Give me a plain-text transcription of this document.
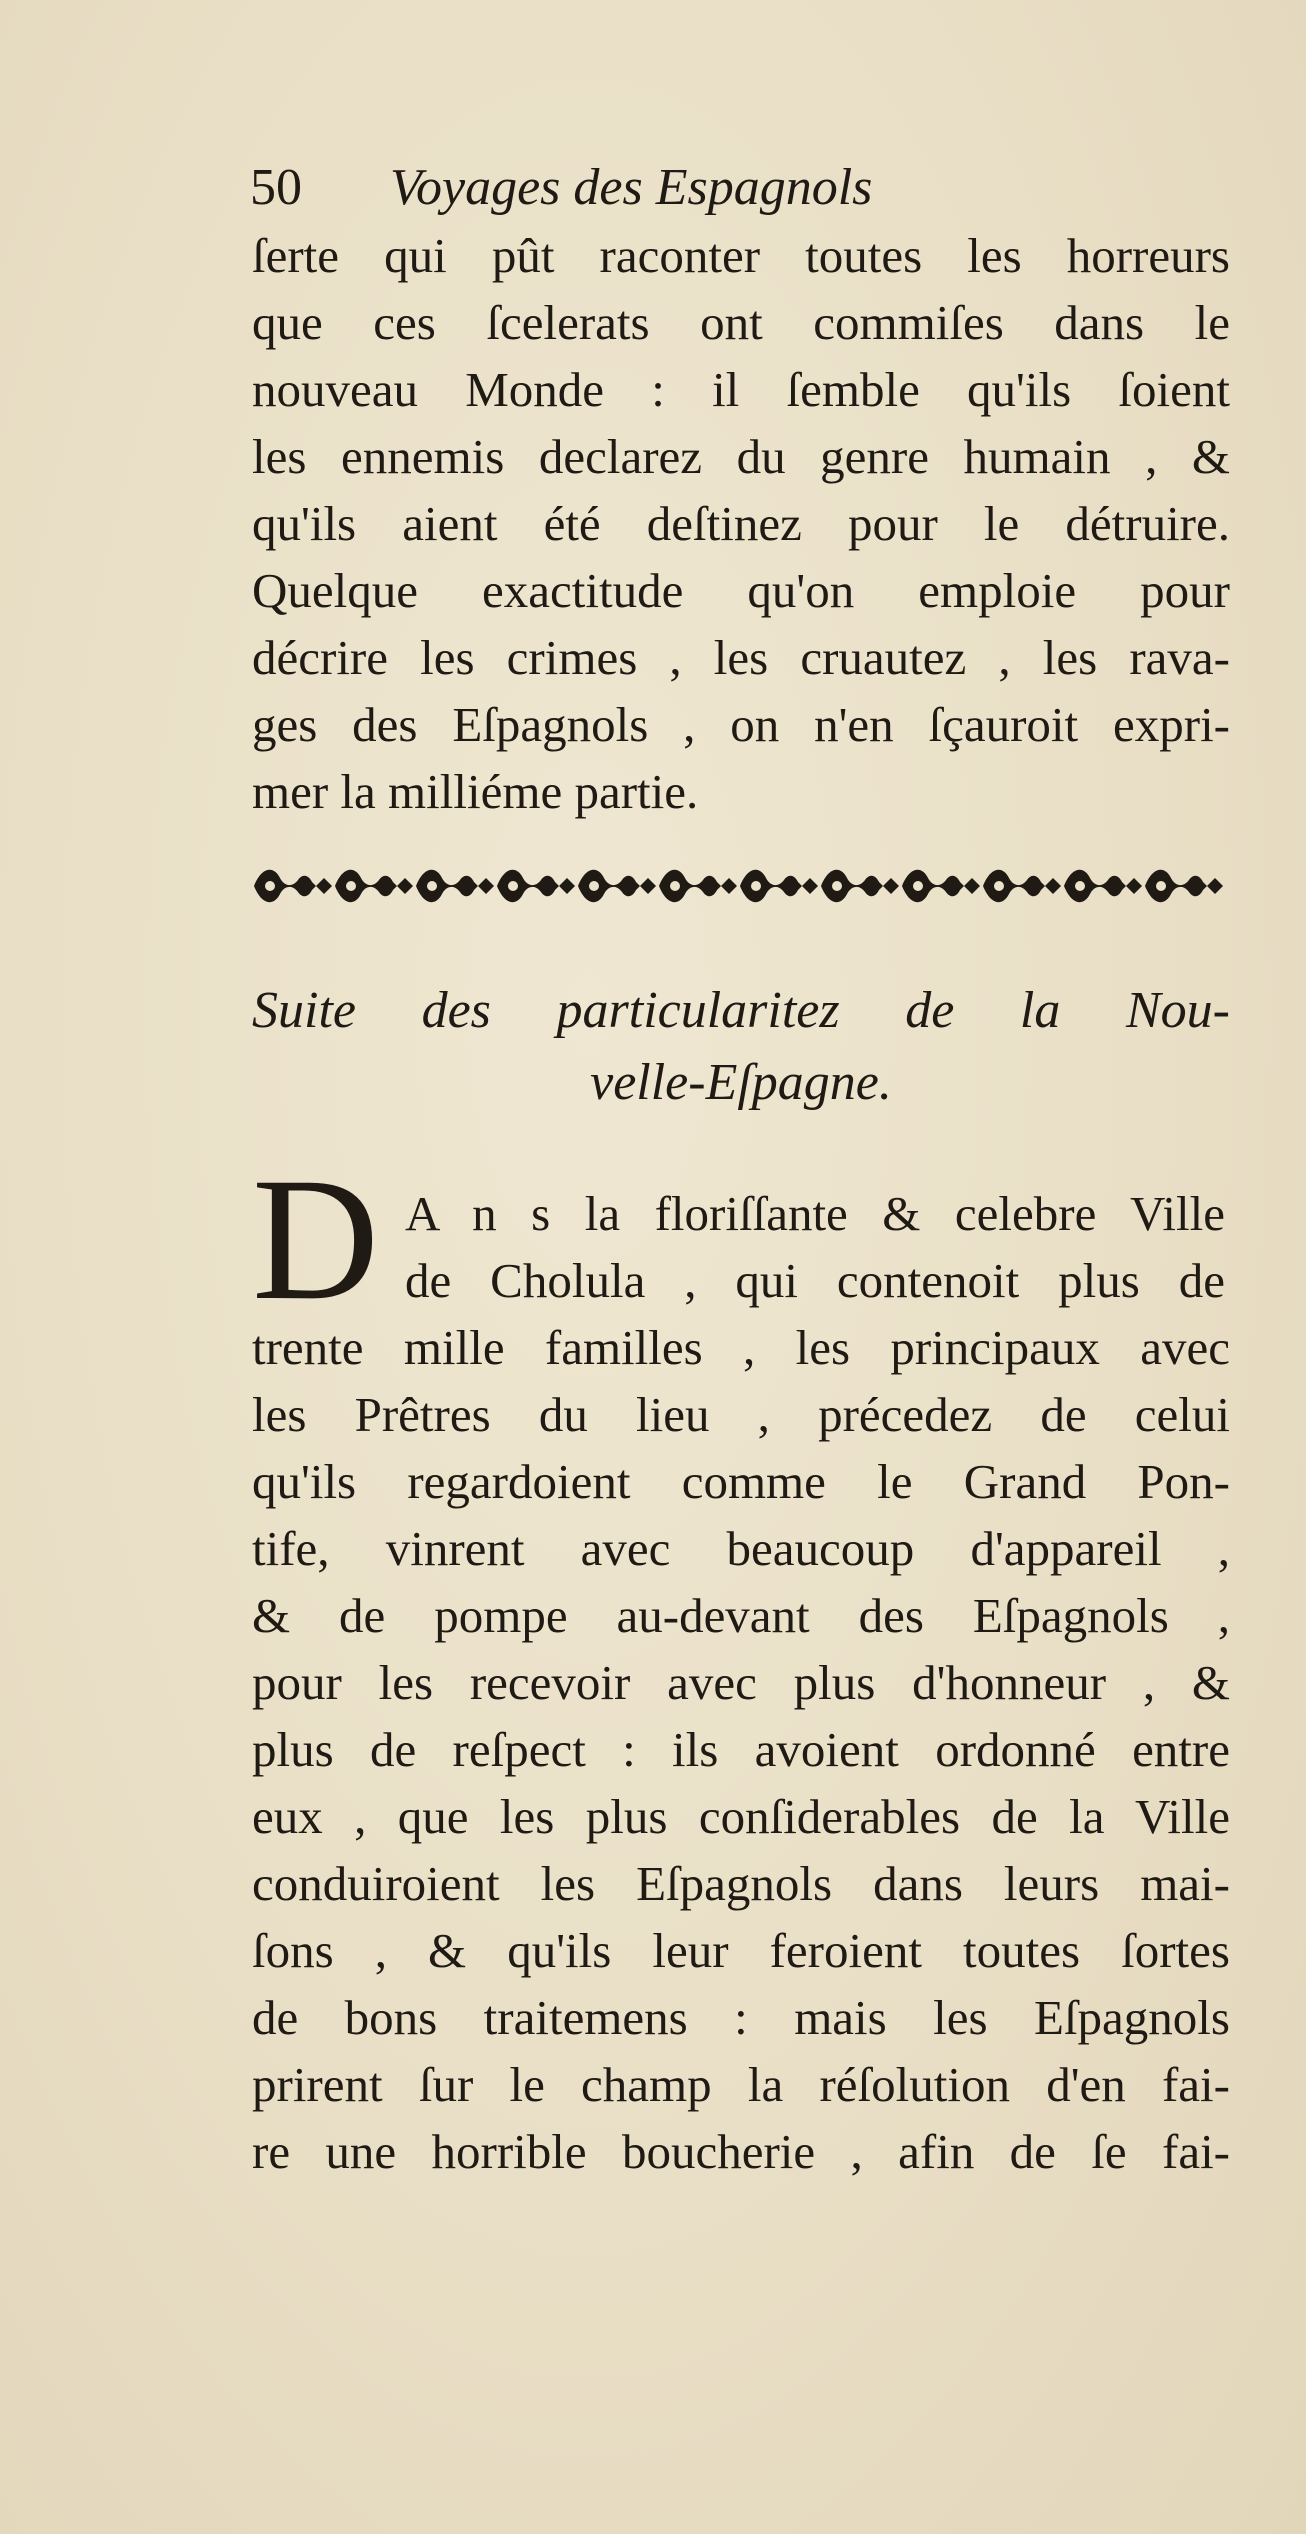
50 Voyages des Espagnols
ſerte qui pût raconter toutes les horreurs
que ces ſcelerats ont commiſes dans le
nouveau Monde : il ſemble qu'ils ſoient
les ennemis declarez du genre humain , &
qu'ils aient été deſtinez pour le détruire.
Quelque exactitude qu'on emploie pour
décrire les crimes , les cruautez , les rava-
ges des Eſpagnols , on n'en ſçauroit expri-
mer la milliéme partie.
Suite des particularitez de la Nou-
velle-Eſpagne.
D A n s la floriſſante & celebre Ville
de Cholula , qui contenoit plus de
trente mille familles , les principaux avec
les Prêtres du lieu , précedez de celui
qu'ils regardoient comme le Grand Pon-
tife, vinrent avec beaucoup d'appareil ,
& de pompe au-devant des Eſpagnols ,
pour les recevoir avec plus d'honneur , &
plus de reſpect : ils avoient ordonné entre
eux , que les plus conſiderables de la Ville
conduiroient les Eſpagnols dans leurs mai-
ſons , & qu'ils leur feroient toutes ſortes
de bons traitemens : mais les Eſpagnols
prirent ſur le champ la réſolution d'en fai-
re une horrible boucherie , afin de ſe fai-
